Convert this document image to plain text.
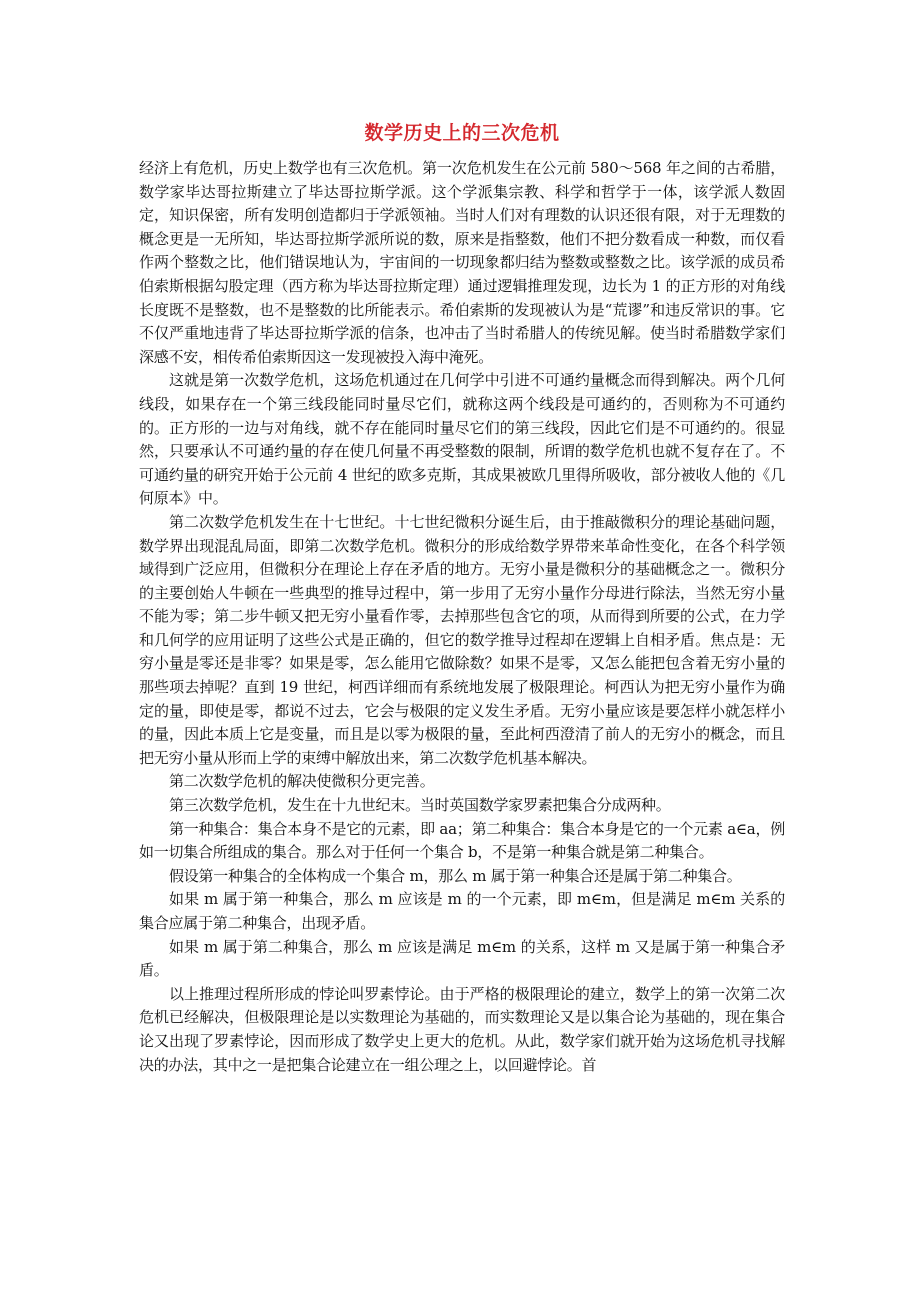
数学历史上的三次危机

经济上有危机，历史上数学也有三次危机。第一次危机发生在公元前 580～568 年之间的古希腊，数学家毕达哥拉斯建立了毕达哥拉斯学派。这个学派集宗教、科学和哲学于一体，该学派人数固定，知识保密，所有发明创造都归于学派领袖。当时人们对有理数的认识还很有限，对于无理数的概念更是一无所知，毕达哥拉斯学派所说的数，原来是指整数，他们不把分数看成一种数，而仅看作两个整数之比，他们错误地认为，宇宙间的一切现象都归结为整数或整数之比。该学派的成员希伯索斯根据勾股定理（西方称为毕达哥拉斯定理）通过逻辑推理发现，边长为 1 的正方形的对角线长度既不是整数，也不是整数的比所能表示。希伯索斯的发现被认为是“荒谬”和违反常识的事。它不仅严重地违背了毕达哥拉斯学派的信条，也冲击了当时希腊人的传统见解。使当时希腊数学家们深感不安，相传希伯索斯因这一发现被投入海中淹死。

这就是第一次数学危机，这场危机通过在几何学中引进不可通约量概念而得到解决。两个几何线段，如果存在一个第三线段能同时量尽它们，就称这两个线段是可通约的，否则称为不可通约的。正方形的一边与对角线，就不存在能同时量尽它们的第三线段，因此它们是不可通约的。很显然，只要承认不可通约量的存在使几何量不再受整数的限制，所谓的数学危机也就不复存在了。不可通约量的研究开始于公元前 4 世纪的欧多克斯，其成果被欧几里得所吸收，部分被收人他的《几何原本》中。

第二次数学危机发生在十七世纪。十七世纪微积分诞生后，由于推敲微积分的理论基础问题，数学界出现混乱局面，即第二次数学危机。微积分的形成给数学界带来革命性变化，在各个科学领域得到广泛应用，但微积分在理论上存在矛盾的地方。无穷小量是微积分的基础概念之一。微积分的主要创始人牛顿在一些典型的推导过程中，第一步用了无穷小量作分母进行除法，当然无穷小量不能为零；第二步牛顿又把无穷小量看作零，去掉那些包含它的项，从而得到所要的公式，在力学和几何学的应用证明了这些公式是正确的，但它的数学推导过程却在逻辑上自相矛盾。焦点是：无穷小量是零还是非零？如果是零，怎么能用它做除数？如果不是零，又怎么能把包含着无穷小量的那些项去掉呢？直到 19 世纪，柯西详细而有系统地发展了极限理论。柯西认为把无穷小量作为确定的量，即使是零，都说不过去，它会与极限的定义发生矛盾。无穷小量应该是要怎样小就怎样小的量，因此本质上它是变量，而且是以零为极限的量，至此柯西澄清了前人的无穷小的概念，而且把无穷小量从形而上学的束缚中解放出来，第二次数学危机基本解决。

第二次数学危机的解决使微积分更完善。

第三次数学危机，发生在十九世纪末。当时英国数学家罗素把集合分成两种。

第一种集合：集合本身不是它的元素，即 aa；第二种集合：集合本身是它的一个元素 a∈a，例如一切集合所组成的集合。那么对于任何一个集合 b，不是第一种集合就是第二种集合。

假设第一种集合的全体构成一个集合 m，那么 m 属于第一种集合还是属于第二种集合。

如果 m 属于第一种集合，那么 m 应该是 m 的一个元素，即 m∈m，但是满足 m∈m 关系的集合应属于第二种集合，出现矛盾。

如果 m 属于第二种集合，那么 m 应该是满足 m∈m 的关系，这样 m 又是属于第一种集合矛盾。

以上推理过程所形成的悖论叫罗素悖论。由于严格的极限理论的建立，数学上的第一次第二次危机已经解决，但极限理论是以实数理论为基础的，而实数理论又是以集合论为基础的，现在集合论又出现了罗素悖论，因而形成了数学史上更大的危机。从此，数学家们就开始为这场危机寻找解决的办法，其中之一是把集合论建立在一组公理之上，以回避悖论。首
